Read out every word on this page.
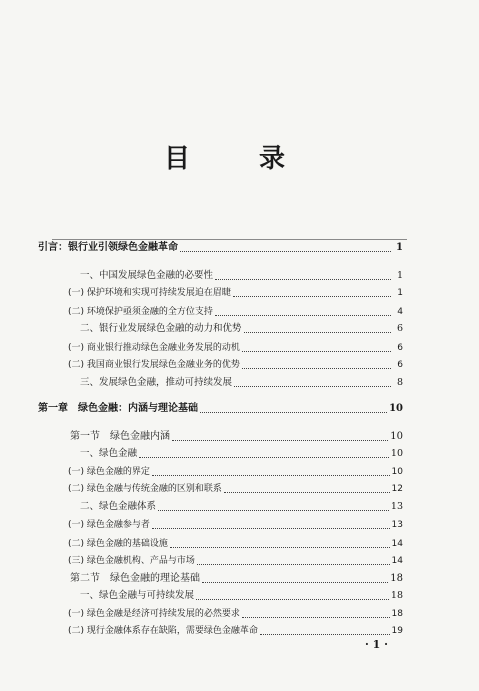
目 录
引言：银行业引领绿色金融革命	1
一、中国发展绿色金融的必要性	1
(一) 保护环境和实现可持续发展迫在眉睫	1
(二) 环境保护亟须金融的全方位支持	4
二、银行业发展绿色金融的动力和优势	6
(一) 商业银行推动绿色金融业务发展的动机	6
(二) 我国商业银行发展绿色金融业务的优势	6
三、发展绿色金融，推动可持续发展	8
第一章　绿色金融：内涵与理论基础	10
第一节　绿色金融内涵	10
一、绿色金融	10
(一) 绿色金融的界定	10
(二) 绿色金融与传统金融的区别和联系	12
二、绿色金融体系	13
(一) 绿色金融参与者	13
(二) 绿色金融的基础设施	14
(三) 绿色金融机构、产品与市场	14
第二节　绿色金融的理论基础	18
一、绿色金融与可持续发展	18
(一) 绿色金融是经济可持续发展的必然要求	18
(二) 现行金融体系存在缺陷，需要绿色金融革命	19
· 1 ·
